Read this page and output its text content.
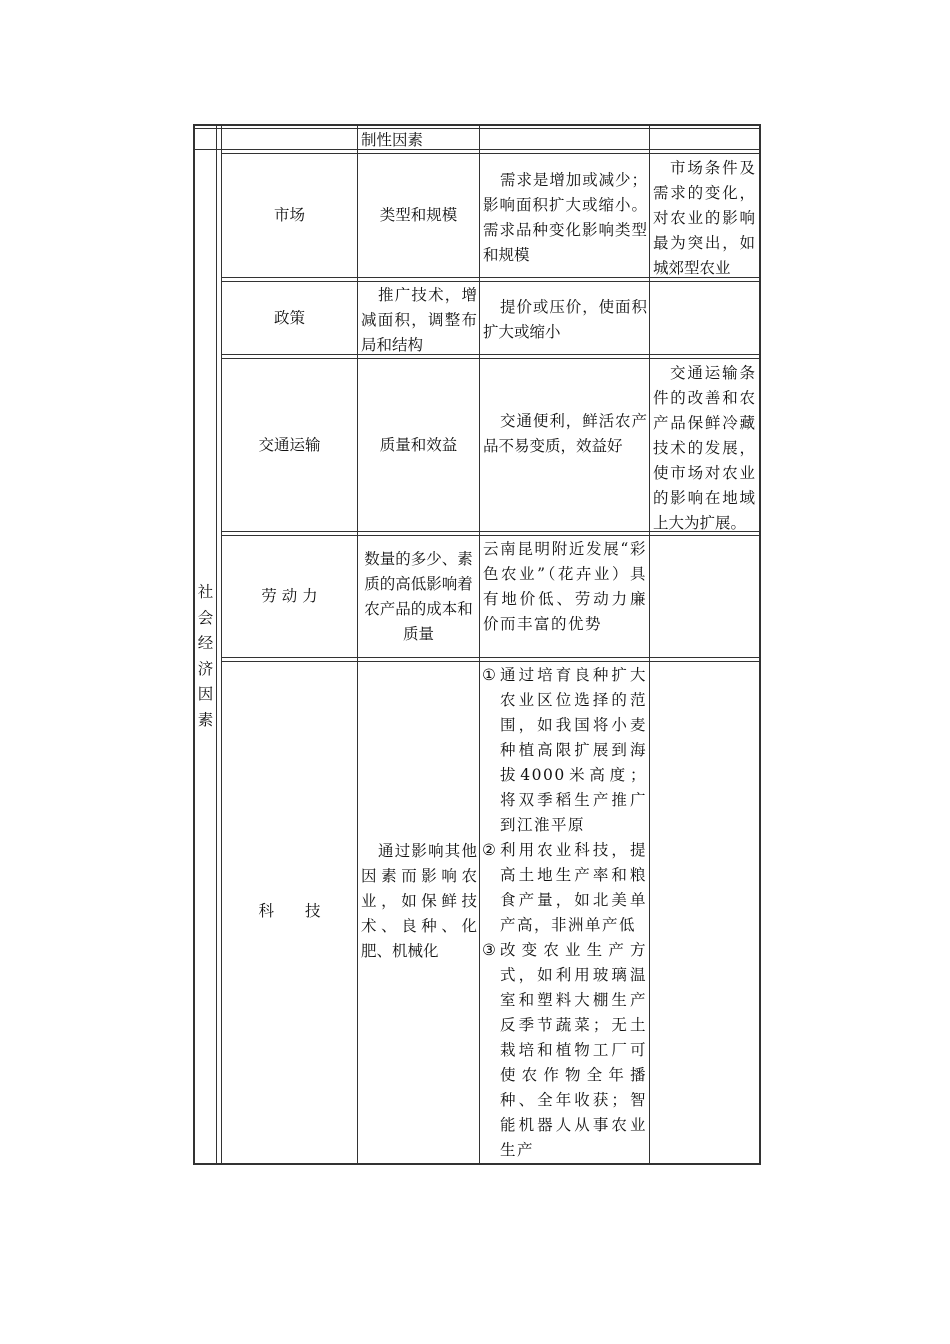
制性因素
社
会
经
济
因
素
市场	类型和规模
需求是增加或减少；影响面积扩大或缩小。需求品种变化影响类型和规模
市场条件及需求的变化，对农业的影响最为突出，如城郊型农业
政策
推广技术，增减面积，调整布局和结构
提价或压价，使面积扩大或缩小
交通运输	质量和效益
交通便利，鲜活农产品不易变质，效益好
交通运输条件的改善和农产品保鲜冷藏技术的发展，使市场对农业的影响在地域上大为扩展。
劳 动 力
数量的多少、素质的高低影响着农产品的成本和质量
云南昆明附近发展“彩色农业”（花卉业）具有地价低、劳动力廉价而丰富的优势
科　　技
通过影响其他因素而影响农业，如保鲜技术、良种、化肥、机械化
① 通过培育良种扩大农业区位选择的范围，如我国将小麦种植高限扩展到海拔4000米高度；将双季稻生产推广到江淮平原
② 利用农业科技，提高土地生产率和粮食产量，如北美单产高，非洲单产低
③ 改变农业生产方式，如利用玻璃温室和塑料大棚生产反季节蔬菜；无土栽培和植物工厂可使农作物全年播种、全年收获；智能机器人从事农业生产
